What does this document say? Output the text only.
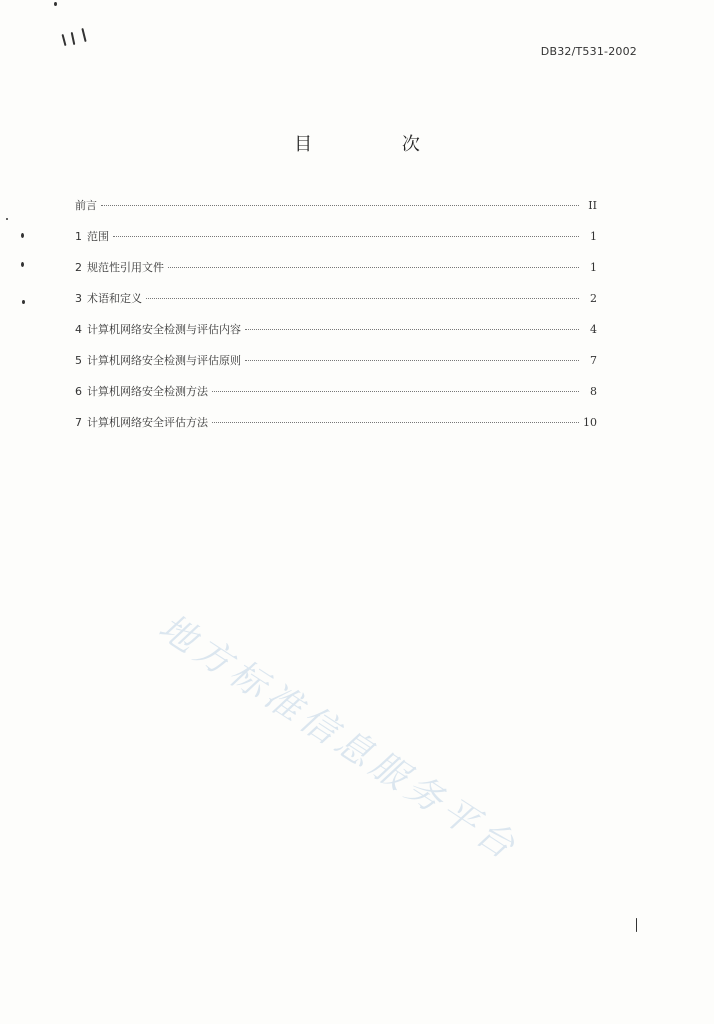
DB32/T531-2002
目 次
前言	II
1 范围	1
2 规范性引用文件	1
3 术语和定义	2
4 计算机网络安全检测与评估内容	4
5 计算机网络安全检测与评估原则	7
6 计算机网络安全检测方法	8
7 计算机网络安全评估方法	10
地方标准信息服务平台
